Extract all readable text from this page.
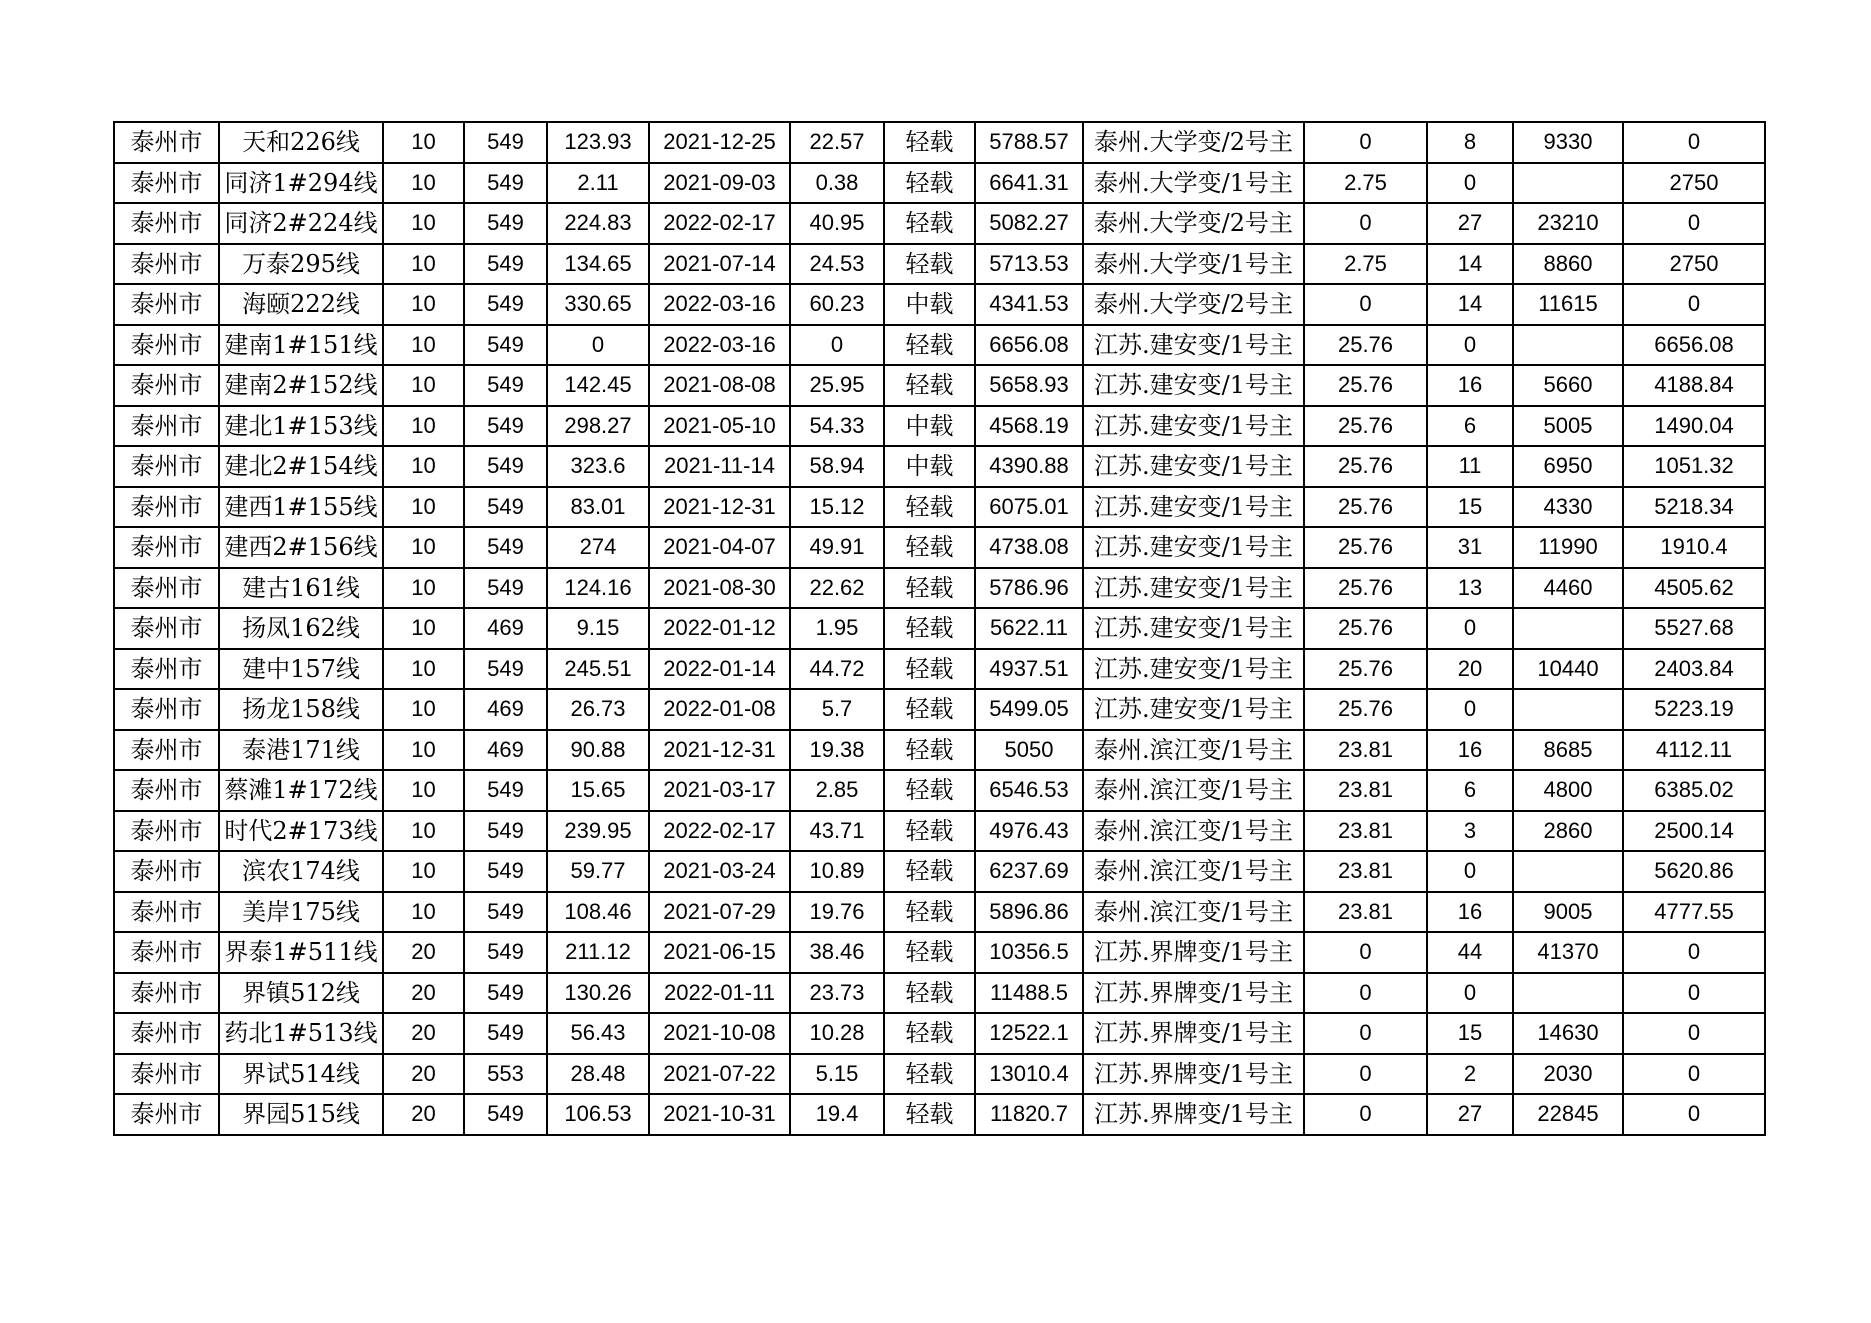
泰州市	天和226线	10	549	123.93	2021-12-25	22.57	轻载	5788.57	泰州.大学变/2号主	0	8	9330	0
泰州市	同济1#294线	10	549	2.11	2021-09-03	0.38	轻载	6641.31	泰州.大学变/1号主	2.75	0		2750
泰州市	同济2#224线	10	549	224.83	2022-02-17	40.95	轻载	5082.27	泰州.大学变/2号主	0	27	23210	0
泰州市	万泰295线	10	549	134.65	2021-07-14	24.53	轻载	5713.53	泰州.大学变/1号主	2.75	14	8860	2750
泰州市	海颐222线	10	549	330.65	2022-03-16	60.23	中载	4341.53	泰州.大学变/2号主	0	14	11615	0
泰州市	建南1#151线	10	549	0	2022-03-16	0	轻载	6656.08	江苏.建安变/1号主	25.76	0		6656.08
泰州市	建南2#152线	10	549	142.45	2021-08-08	25.95	轻载	5658.93	江苏.建安变/1号主	25.76	16	5660	4188.84
泰州市	建北1#153线	10	549	298.27	2021-05-10	54.33	中载	4568.19	江苏.建安变/1号主	25.76	6	5005	1490.04
泰州市	建北2#154线	10	549	323.6	2021-11-14	58.94	中载	4390.88	江苏.建安变/1号主	25.76	11	6950	1051.32
泰州市	建西1#155线	10	549	83.01	2021-12-31	15.12	轻载	6075.01	江苏.建安变/1号主	25.76	15	4330	5218.34
泰州市	建西2#156线	10	549	274	2021-04-07	49.91	轻载	4738.08	江苏.建安变/1号主	25.76	31	11990	1910.4
泰州市	建古161线	10	549	124.16	2021-08-30	22.62	轻载	5786.96	江苏.建安变/1号主	25.76	13	4460	4505.62
泰州市	扬凤162线	10	469	9.15	2022-01-12	1.95	轻载	5622.11	江苏.建安变/1号主	25.76	0		5527.68
泰州市	建中157线	10	549	245.51	2022-01-14	44.72	轻载	4937.51	江苏.建安变/1号主	25.76	20	10440	2403.84
泰州市	扬龙158线	10	469	26.73	2022-01-08	5.7	轻载	5499.05	江苏.建安变/1号主	25.76	0		5223.19
泰州市	泰港171线	10	469	90.88	2021-12-31	19.38	轻载	5050	泰州.滨江变/1号主	23.81	16	8685	4112.11
泰州市	蔡滩1#172线	10	549	15.65	2021-03-17	2.85	轻载	6546.53	泰州.滨江变/1号主	23.81	6	4800	6385.02
泰州市	时代2#173线	10	549	239.95	2022-02-17	43.71	轻载	4976.43	泰州.滨江变/1号主	23.81	3	2860	2500.14
泰州市	滨农174线	10	549	59.77	2021-03-24	10.89	轻载	6237.69	泰州.滨江变/1号主	23.81	0		5620.86
泰州市	美岸175线	10	549	108.46	2021-07-29	19.76	轻载	5896.86	泰州.滨江变/1号主	23.81	16	9005	4777.55
泰州市	界泰1#511线	20	549	211.12	2021-06-15	38.46	轻载	10356.5	江苏.界牌变/1号主	0	44	41370	0
泰州市	界镇512线	20	549	130.26	2022-01-11	23.73	轻载	11488.5	江苏.界牌变/1号主	0	0		0
泰州市	药北1#513线	20	549	56.43	2021-10-08	10.28	轻载	12522.1	江苏.界牌变/1号主	0	15	14630	0
泰州市	界试514线	20	553	28.48	2021-07-22	5.15	轻载	13010.4	江苏.界牌变/1号主	0	2	2030	0
泰州市	界园515线	20	549	106.53	2021-10-31	19.4	轻载	11820.7	江苏.界牌变/1号主	0	27	22845	0
